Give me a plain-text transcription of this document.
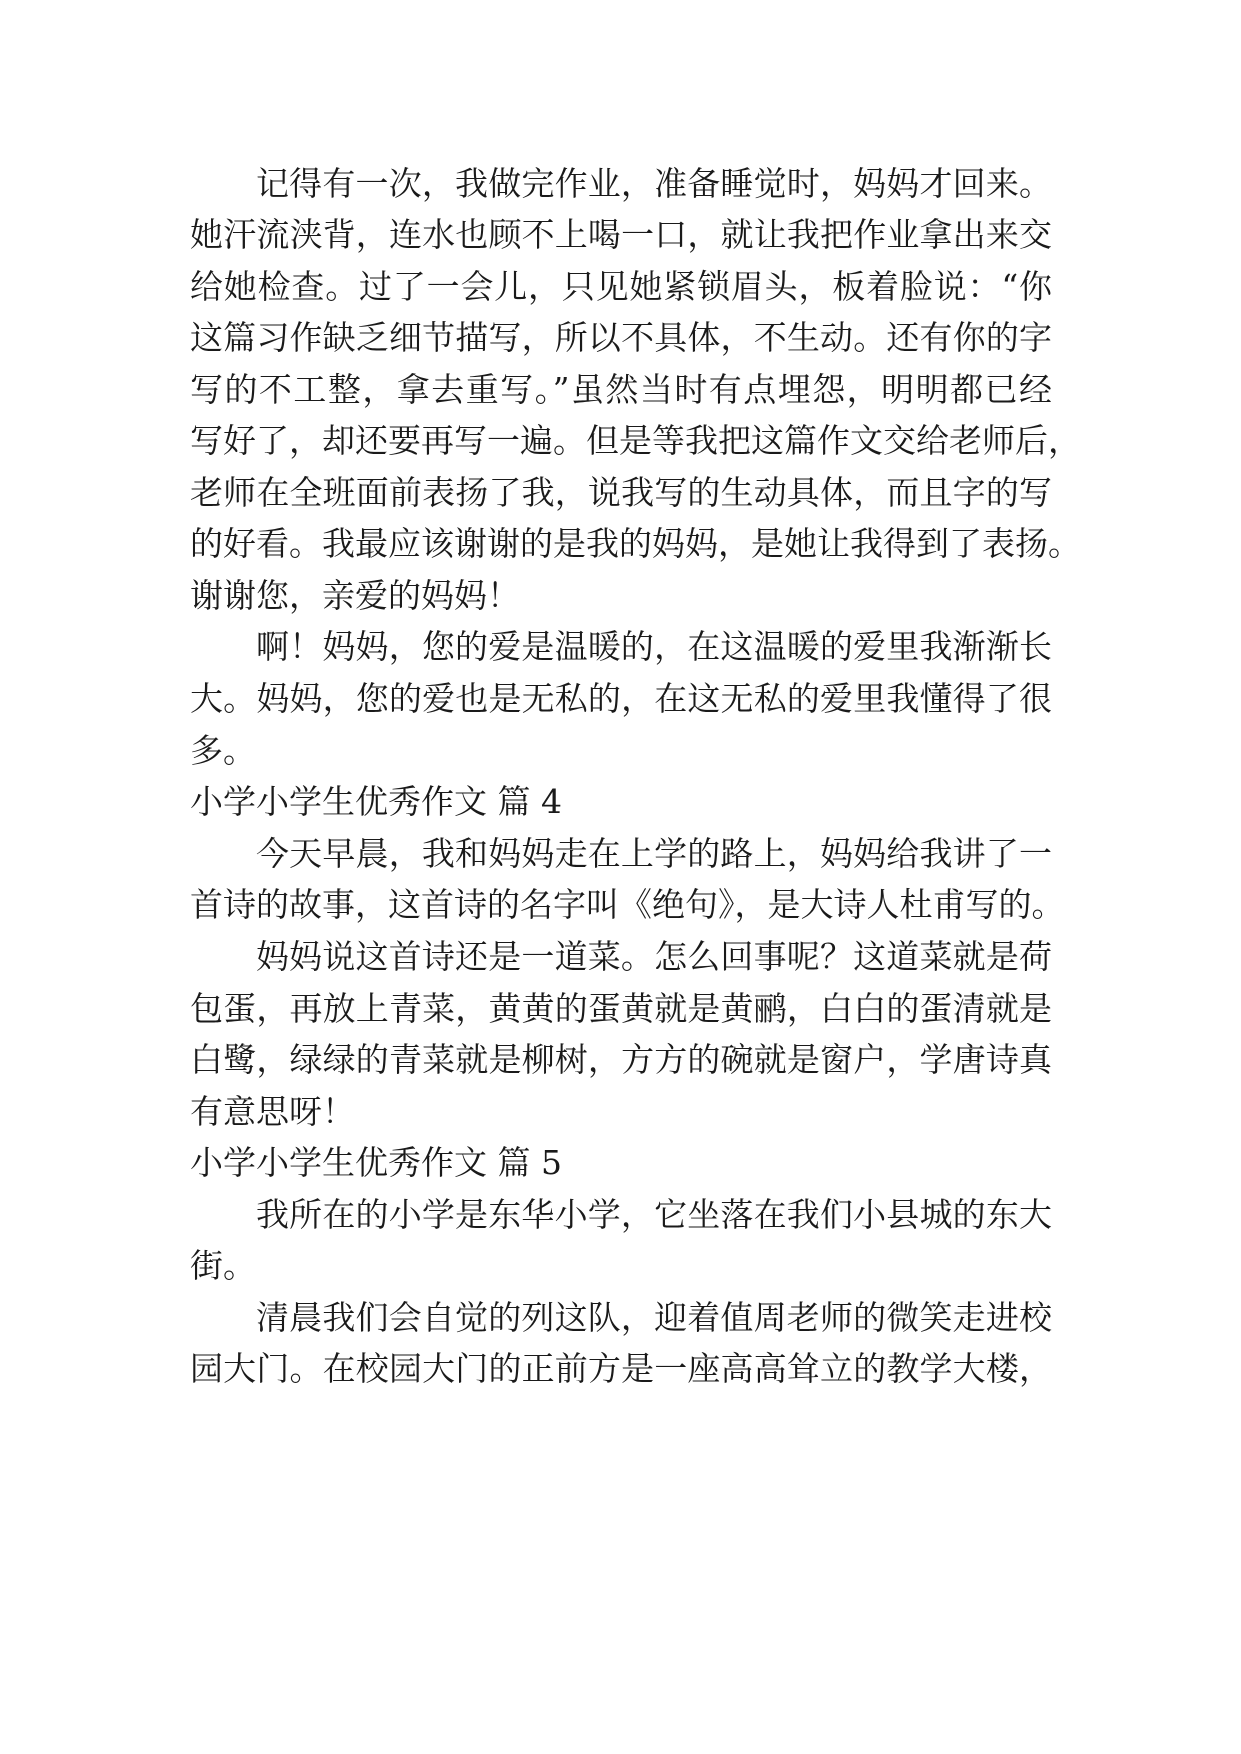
记得有一次，我做完作业，准备睡觉时，妈妈才回来。
她汗流浃背，连水也顾不上喝一口，就让我把作业拿出来交
给她检查。过了一会儿，只见她紧锁眉头，板着脸说：“你
这篇习作缺乏细节描写，所以不具体，不生动。还有你的字
写的不工整，拿去重写。”虽然当时有点埋怨，明明都已经
写好了，却还要再写一遍。但是等我把这篇作文交给老师后，
老师在全班面前表扬了我，说我写的生动具体，而且字的写
的好看。我最应该谢谢的是我的妈妈，是她让我得到了表扬。
谢谢您，亲爱的妈妈！
啊！妈妈，您的爱是温暖的，在这温暖的爱里我渐渐长
大。妈妈，您的爱也是无私的，在这无私的爱里我懂得了很
多。
小学小学生优秀作文 篇 4
今天早晨，我和妈妈走在上学的路上，妈妈给我讲了一
首诗的故事，这首诗的名字叫《绝句》，是大诗人杜甫写的。
妈妈说这首诗还是一道菜。怎么回事呢？这道菜就是荷
包蛋，再放上青菜，黄黄的蛋黄就是黄鹂，白白的蛋清就是
白鹭，绿绿的青菜就是柳树，方方的碗就是窗户，学唐诗真
有意思呀！
小学小学生优秀作文 篇 5
我所在的小学是东华小学，它坐落在我们小县城的东大
街。
清晨我们会自觉的列这队，迎着值周老师的微笑走进校
园大门。在校园大门的正前方是一座高高耸立的教学大楼，
